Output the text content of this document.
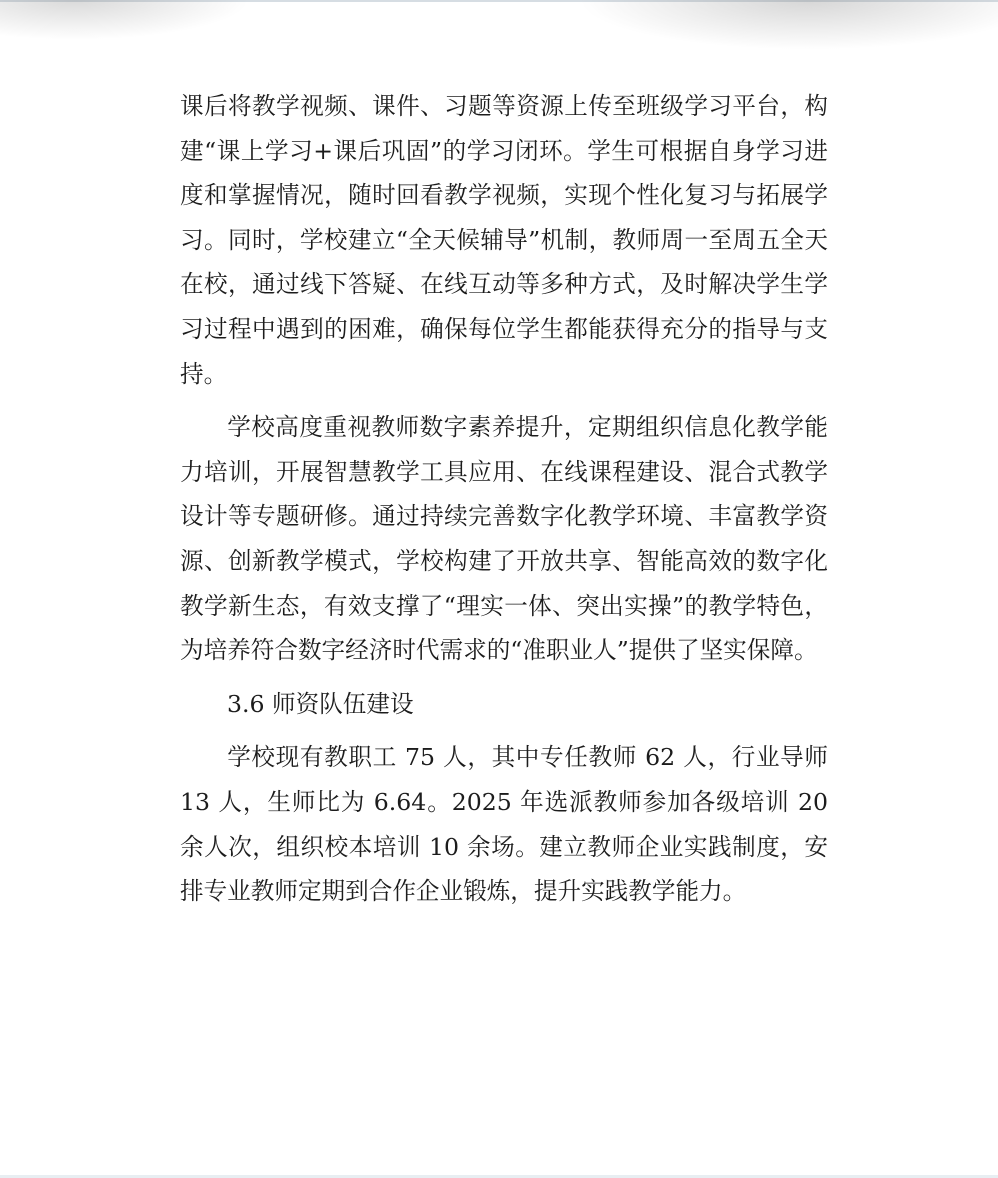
课后将教学视频、课件、习题等资源上传至班级学习平台，构建“课上学习+课后巩固”的学习闭环。学生可根据自身学习进度和掌握情况，随时回看教学视频，实现个性化复习与拓展学习。同时，学校建立“全天候辅导”机制，教师周一至周五全天在校，通过线下答疑、在线互动等多种方式，及时解决学生学习过程中遇到的困难，确保每位学生都能获得充分的指导与支持。

学校高度重视教师数字素养提升，定期组织信息化教学能力培训，开展智慧教学工具应用、在线课程建设、混合式教学设计等专题研修。通过持续完善数字化教学环境、丰富教学资源、创新教学模式，学校构建了开放共享、智能高效的数字化教学新生态，有效支撑了“理实一体、突出实操”的教学特色，为培养符合数字经济时代需求的“准职业人”提供了坚实保障。

3.6 师资队伍建设

学校现有教职工 75 人，其中专任教师 62 人，行业导师 13 人，生师比为 6.64。2025 年选派教师参加各级培训 20 余人次，组织校本培训 10 余场。建立教师企业实践制度，安排专业教师定期到合作企业锻炼，提升实践教学能力。
